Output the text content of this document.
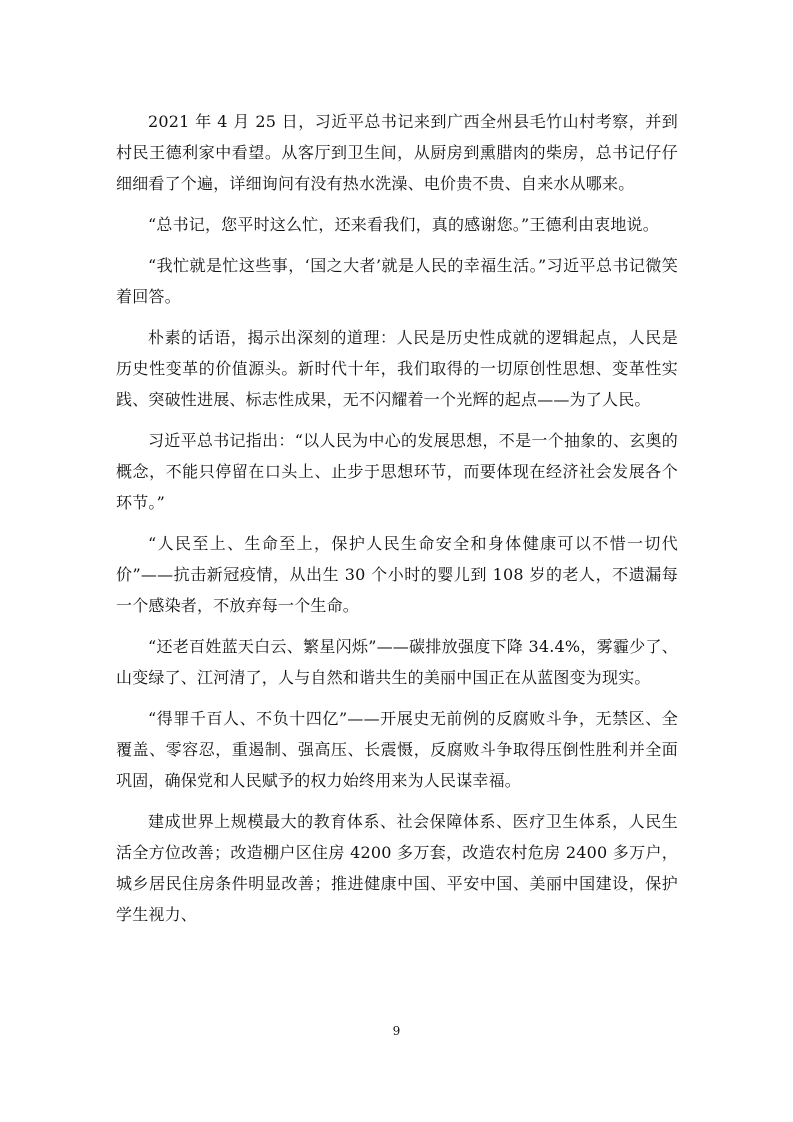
2021 年 4 月 25 日，习近平总书记来到广西全州县毛竹山村考察，并到村民王德利家中看望。从客厅到卫生间，从厨房到熏腊肉的柴房，总书记仔仔细细看了个遍，详细询问有没有热水洗澡、电价贵不贵、自来水从哪来。

“总书记，您平时这么忙，还来看我们，真的感谢您。”王德利由衷地说。

“我忙就是忙这些事，‘国之大者’就是人民的幸福生活。”习近平总书记微笑着回答。

朴素的话语，揭示出深刻的道理：人民是历史性成就的逻辑起点，人民是历史性变革的价值源头。新时代十年，我们取得的一切原创性思想、变革性实践、突破性进展、标志性成果，无不闪耀着一个光辉的起点——为了人民。

习近平总书记指出：“以人民为中心的发展思想，不是一个抽象的、玄奥的概念，不能只停留在口头上、止步于思想环节，而要体现在经济社会发展各个环节。”

“人民至上、生命至上，保护人民生命安全和身体健康可以不惜一切代价”——抗击新冠疫情，从出生 30 个小时的婴儿到 108 岁的老人，不遗漏每一个感染者，不放弃每一个生命。

“还老百姓蓝天白云、繁星闪烁”——碳排放强度下降 34.4%，雾霾少了、山变绿了、江河清了，人与自然和谐共生的美丽中国正在从蓝图变为现实。

“得罪千百人、不负十四亿”——开展史无前例的反腐败斗争，无禁区、全覆盖、零容忍，重遏制、强高压、长震慑，反腐败斗争取得压倒性胜利并全面巩固，确保党和人民赋予的权力始终用来为人民谋幸福。

建成世界上规模最大的教育体系、社会保障体系、医疗卫生体系，人民生活全方位改善；改造棚户区住房 4200 多万套，改造农村危房 2400 多万户，城乡居民住房条件明显改善；推进健康中国、平安中国、美丽中国建设，保护学生视力、

9
